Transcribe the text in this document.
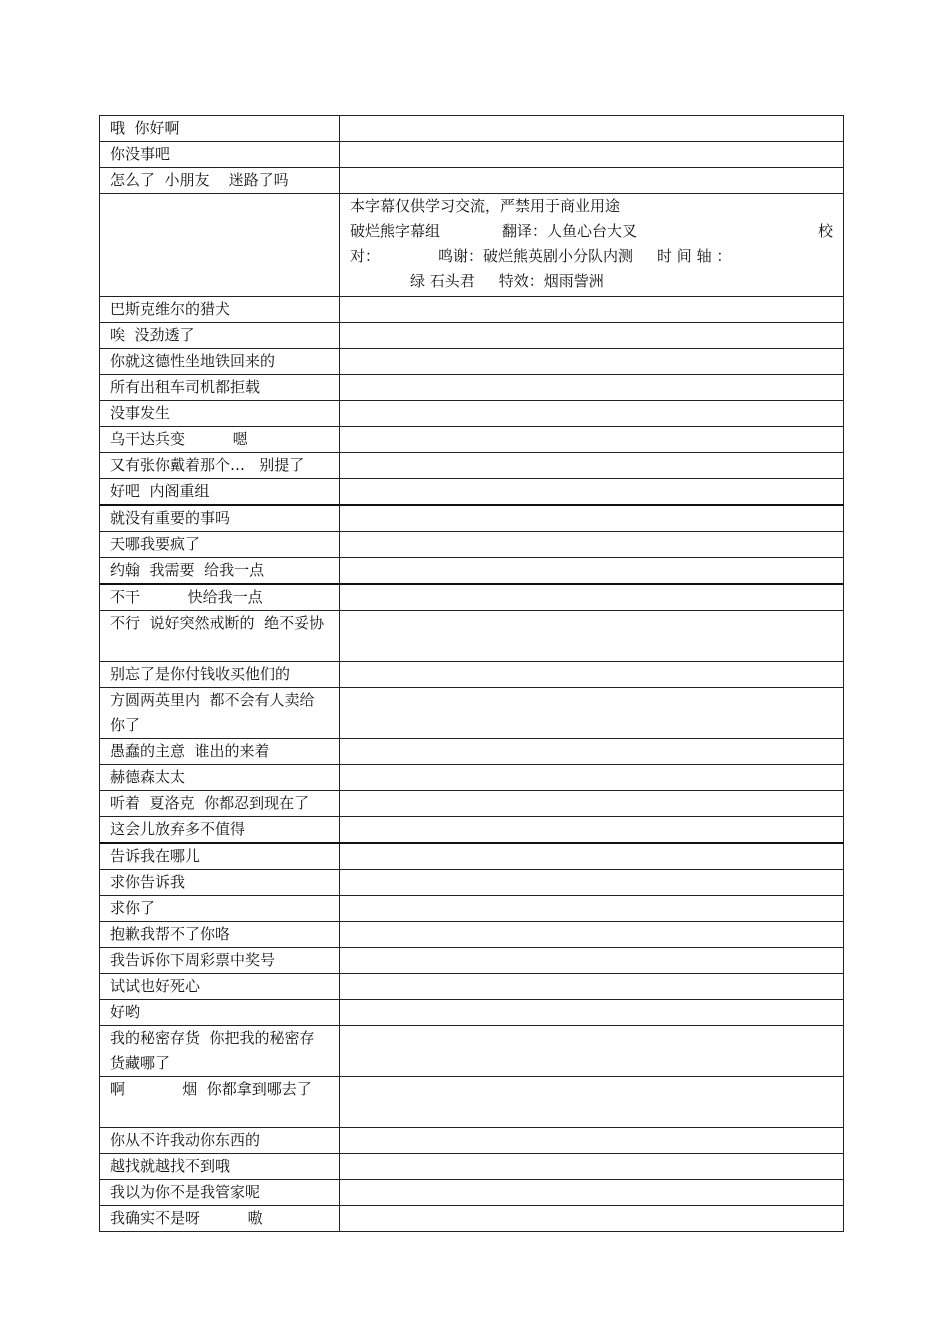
哦  你好啊	
你没事吧	
怎么了  小朋友    迷路了吗	

	本字幕仅供学习交流，严禁用于商业用途
破烂熊字幕组 翻译：人鱼心台大叉 校
对： 鸣谢：破烂熊英剧小分队内测 时 间 轴 ：
绿 石头君 特效：烟雨訾洲

巴斯克维尔的猎犬	
唉  没劲透了	
你就这德性坐地铁回来的	
所有出租车司机都拒载	
没事发生	
乌干达兵变          嗯	
又有张你戴着那个…   别提了	
好吧  内阁重组	
就没有重要的事吗	
天哪我要疯了	
约翰  我需要  给我一点	
不干          快给我一点	
不行  说好突然戒断的  绝不妥协	
别忘了是你付钱收买他们的	
方圆两英里内  都不会有人卖给你了	
愚蠢的主意  谁出的来着	
赫德森太太	
听着  夏洛克  你都忍到现在了	
这会儿放弃多不值得	
告诉我在哪儿	
求你告诉我	
求你了	
抱歉我帮不了你咯	
我告诉你下周彩票中奖号	
试试也好死心	
好哟	
我的秘密存货  你把我的秘密存货藏哪了	
啊            烟  你都拿到哪去了	
你从不许我动你东西的	
越找就越找不到哦	
我以为你不是我管家呢	
我确实不是呀          嗷	
